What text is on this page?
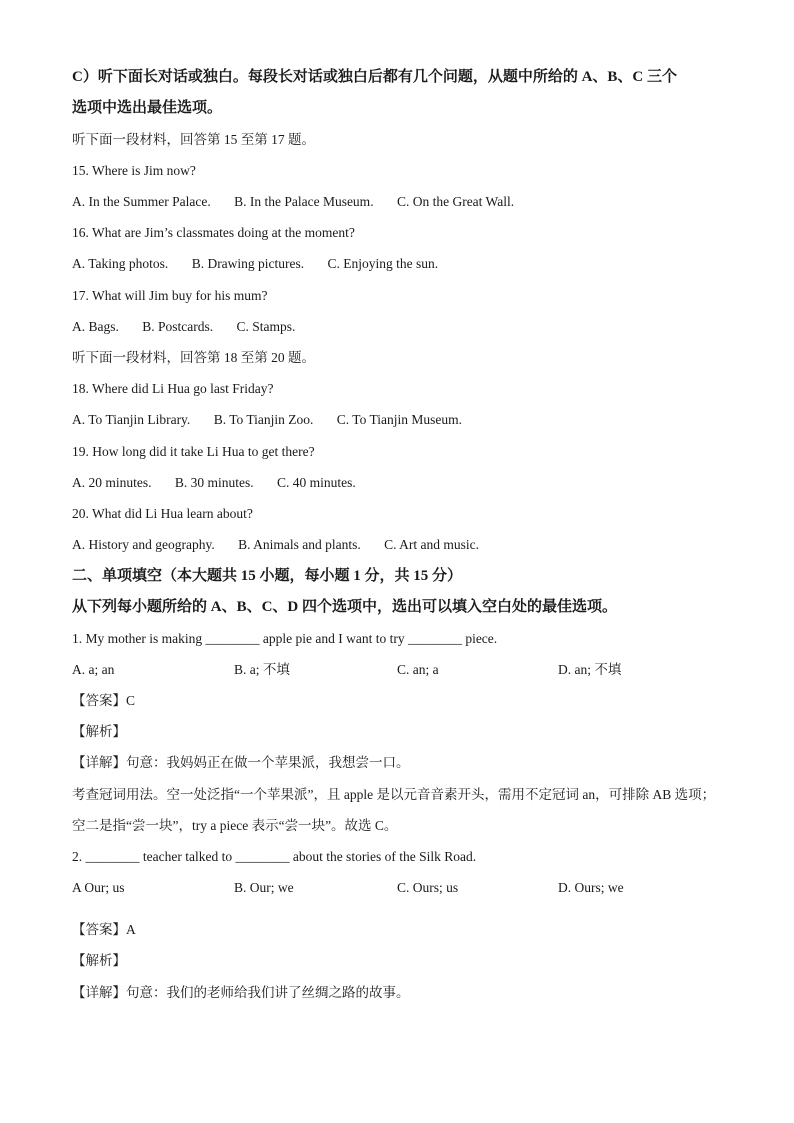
C）听下面长对话或独白。每段长对话或独白后都有几个问题，从题中所给的 A、B、C 三个
选项中选出最佳选项。
听下面一段材料，回答第 15 至第 17 题。
15. Where is Jim now?
A. In the Summer Palace. B. In the Palace Museum. C. On the Great Wall.
16. What are Jim’s classmates doing at the moment?
A. Taking photos. B. Drawing pictures. C. Enjoying the sun.
17. What will Jim buy for his mum?
A. Bags. B. Postcards. C. Stamps.
听下面一段材料，回答第 18 至第 20 题。
18. Where did Li Hua go last Friday?
A. To Tianjin Library. B. To Tianjin Zoo. C. To Tianjin Museum.
19. How long did it take Li Hua to get there?
A. 20 minutes. B. 30 minutes. C. 40 minutes.
20. What did Li Hua learn about?
A. History and geography. B. Animals and plants. C. Art and music.
二、单项填空（本大题共 15 小题，每小题 1 分，共 15 分）
从下列每小题所给的 A、B、C、D 四个选项中，选出可以填入空白处的最佳选项。
1. My mother is making ________ apple pie and I want to try ________ piece.
A. a; an	B. a; 不填	C. an; a	D. an; 不填
【答案】C
【解析】
【详解】句意：我妈妈正在做一个苹果派，我想尝一口。
考查冠词用法。空一处泛指“一个苹果派”，且 apple 是以元音音素开头，需用不定冠词 an，可排除 AB 选项；空二是指“尝一块”，try a piece 表示“尝一块”。故选 C。
2. ________ teacher talked to ________ about the stories of the Silk Road.
A Our; us	B. Our; we	C. Ours; us	D. Ours; we
【答案】A
【解析】
【详解】句意：我们的老师给我们讲了丝绸之路的故事。
